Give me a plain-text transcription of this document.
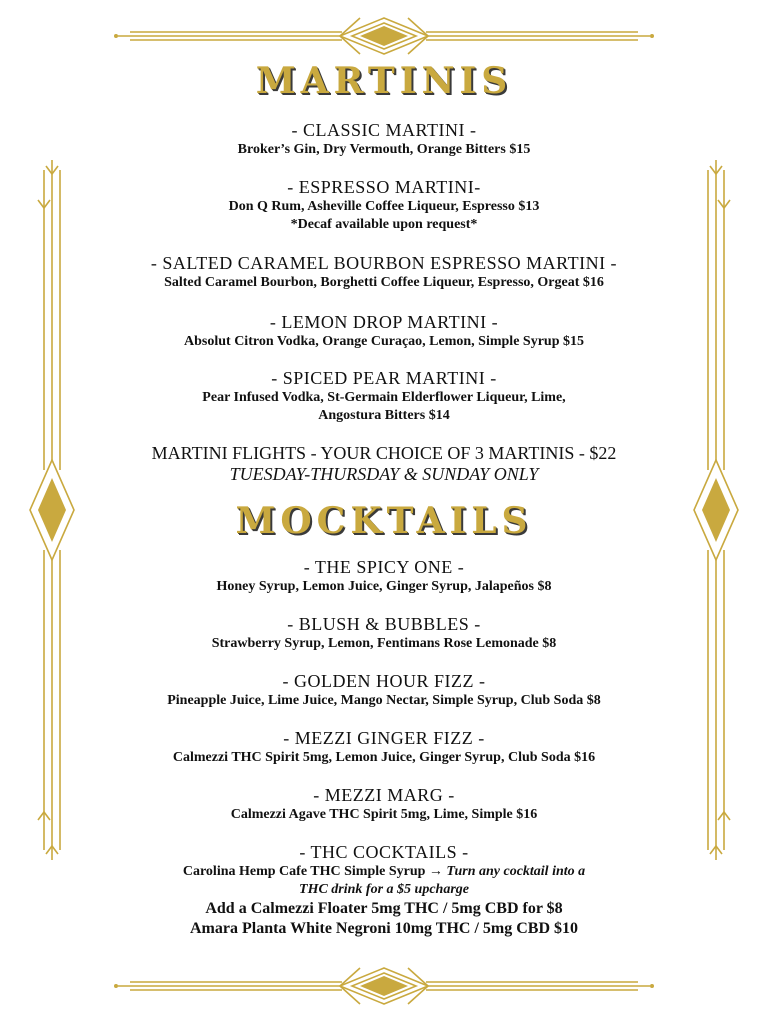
MARTINIS
- CLASSIC MARTINI -
Broker’s Gin, Dry Vermouth, Orange Bitters $15
- ESPRESSO MARTINI-
Don Q Rum, Asheville Coffee Liqueur, Espresso $13
*Decaf available upon request*
- SALTED CARAMEL BOURBON ESPRESSO MARTINI -
Salted Caramel Bourbon, Borghetti Coffee Liqueur, Espresso, Orgeat $16
- LEMON DROP MARTINI -
Absolut Citron Vodka, Orange Curaçao, Lemon, Simple Syrup $15
- SPICED PEAR MARTINI -
Pear Infused Vodka, St-Germain Elderflower Liqueur, Lime,
Angostura Bitters $14
MARTINI FLIGHTS - YOUR CHOICE OF 3 MARTINIS - $22
TUESDAY-THURSDAY & SUNDAY ONLY
MOCKTAILS
- THE SPICY ONE -
Honey Syrup, Lemon Juice, Ginger Syrup, Jalapeños $8
- BLUSH & BUBBLES -
Strawberry Syrup, Lemon, Fentimans Rose Lemonade $8
- GOLDEN HOUR FIZZ -
Pineapple Juice, Lime Juice, Mango Nectar, Simple Syrup, Club Soda $8
- MEZZI GINGER FIZZ -
Calmezzi THC Spirit 5mg, Lemon Juice, Ginger Syrup, Club Soda $16
- MEZZI MARG -
Calmezzi Agave THC Spirit 5mg, Lime, Simple $16
- THC COCKTAILS -
Carolina Hemp Cafe THC Simple Syrup → Turn any cocktail into a
THC drink for a $5 upcharge
Add a Calmezzi Floater 5mg THC / 5mg CBD for $8
Amara Planta White Negroni 10mg THC / 5mg CBD $10
